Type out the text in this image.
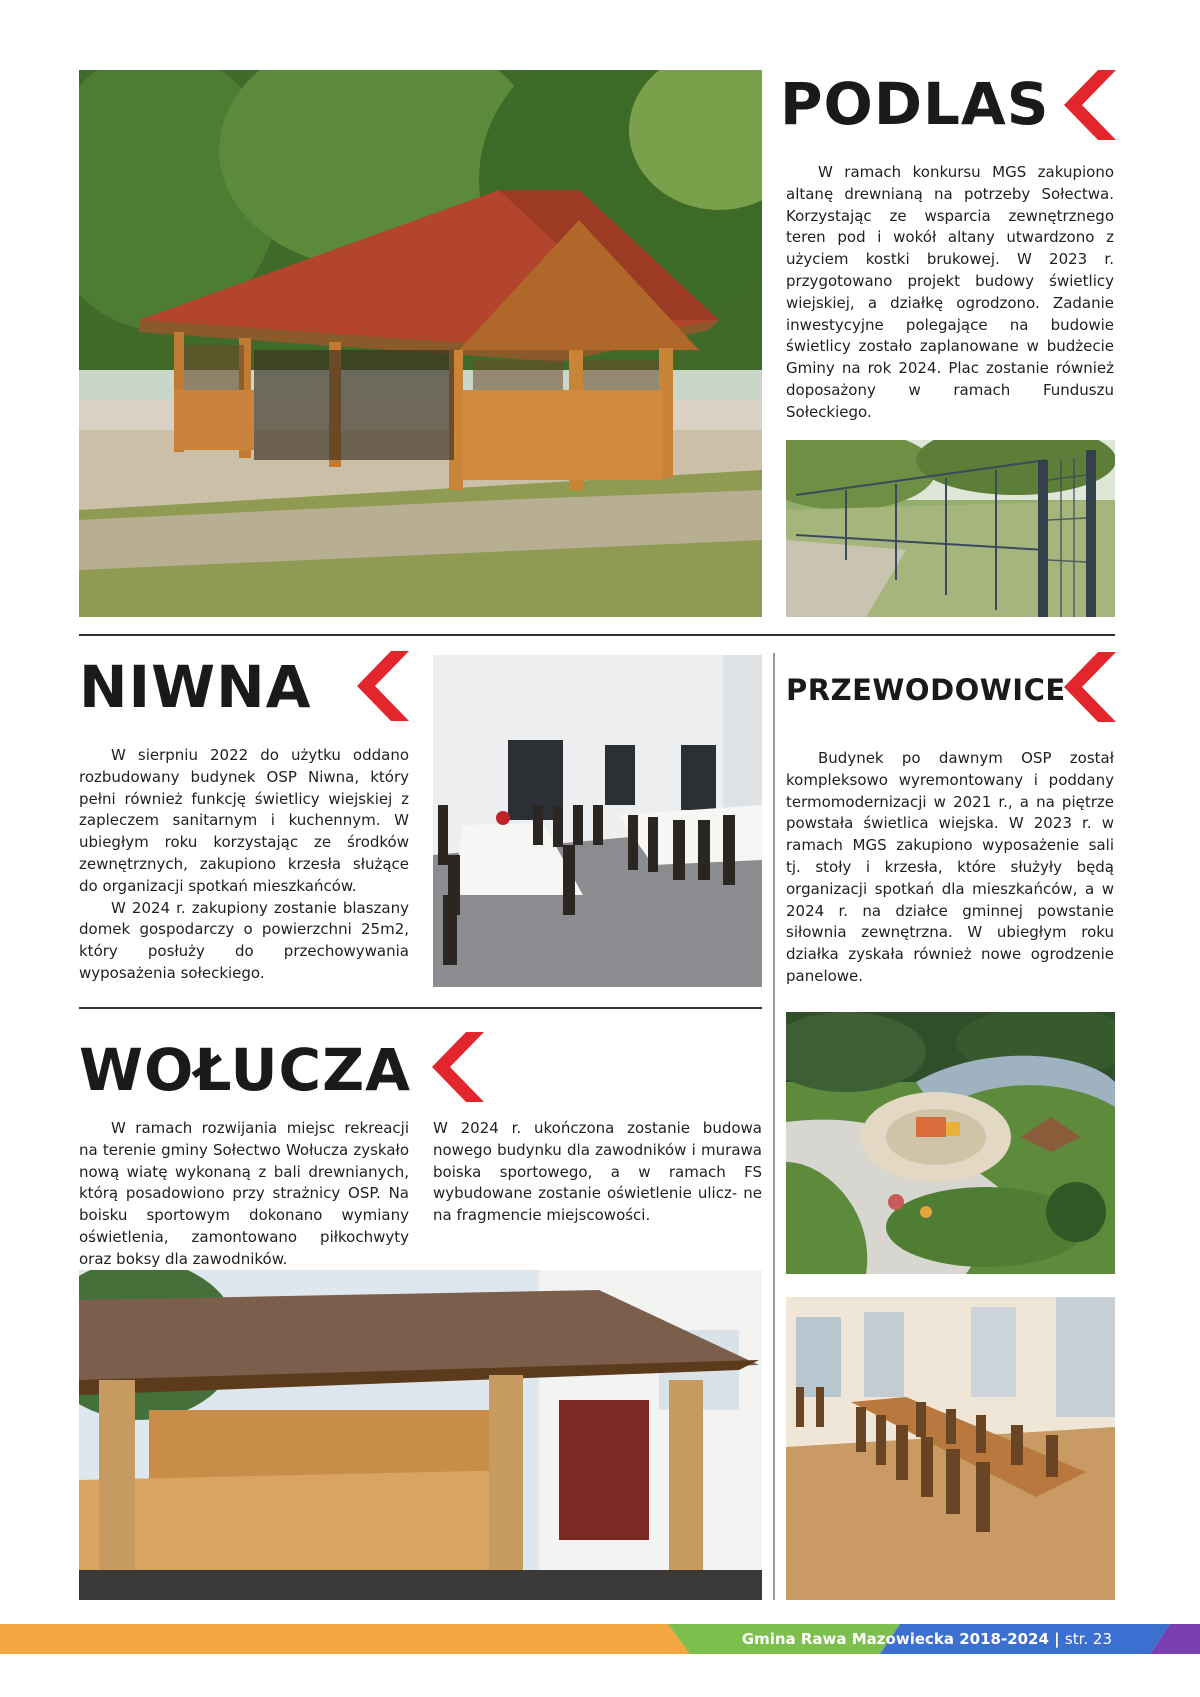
PODLAS

W ramach konkursu MGS zakupiono altanę drewnianą na potrzeby Sołectwa. Korzystając ze wsparcia zewnętrznego teren pod i wokół altany utwardzono z użyciem kostki brukowej. W 2023 r. przygotowano projekt budowy świetlicy wiejskiej, a działkę ogrodzono. Zadanie inwestycyjne polegające na budowie świetlicy zostało zaplanowane w budżecie Gminy na rok 2024. Plac zostanie również doposażony w ramach Funduszu Sołeckiego.

NIWNA

W sierpniu 2022 do użytku oddano rozbudowany budynek OSP Niwna, który pełni również funkcję świetlicy wiejskiej z zapleczem sanitarnym i kuchennym. W ubiegłym roku korzystając ze środków zewnętrznych, zakupiono krzesła służące do organizacji spotkań mieszkańców.

W 2024 r. zakupiony zostanie blaszany domek gospodarczy o powierzchni 25m2, który posłuży do przechowywania wyposażenia sołeckiego.

PRZEWODOWICE

Budynek po dawnym OSP został kompleksowo wyremontowany i poddany termomodernizacji w 2021 r., a na piętrze powstała świetlica wiejska. W 2023 r. w ramach MGS zakupiono wyposażenie sali tj. stoły i krzesła, które służyły będą organizacji spotkań dla mieszkańców, a w 2024 r. na działce gminnej powstanie siłownia zewnętrzna. W ubiegłym roku działka zyskała również nowe ogrodzenie panelowe.

WOŁUCZA

W ramach rozwijania miejsc rekreacji na terenie gminy Sołectwo Wołucza zyskało nową wiatę wykonaną z bali drewnianych, którą posadowiono przy strażnicy OSP. Na boisku sportowym dokonano wymiany oświetlenia, zamontowano piłkochwyty oraz boksy dla zawodników.

W 2024 r. ukończona zostanie budowa nowego budynku dla zawodników i murawa boiska sportowego, a w ramach FS wybudowane zostanie oświetlenie ulicz- ne na fragmencie miejscowości.

Gmina Rawa Mazowiecka 2018-2024 | str. 23
